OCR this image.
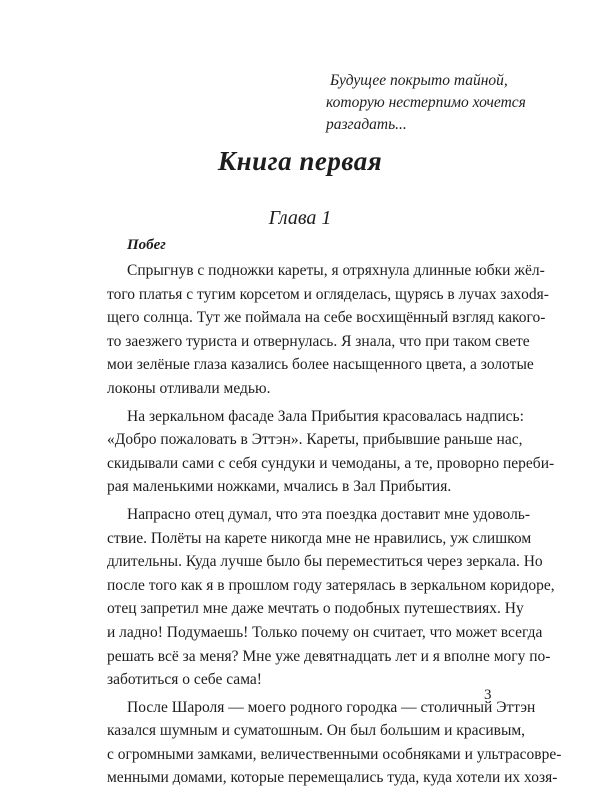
Будущее покрыто тайной,
которую нестерпимо хочется
разгадать...
Книга первая
Глава 1
Побег
Спрыгнув с подножки кареты, я отряхнула длинные юбки жёл-
того платья с тугим корсетом и огляделась, щурясь в лучах захodя-
щего солнца. Тут же поймала на себе восхищённый взгляд какого-
то заезжего туриста и отвернулась. Я знала, что при таком свете
мои зелёные глаза казались более насыщенного цвета, а золотые
локоны отливали медью.
На зеркальном фасаде Зала Прибытия красовалась надпись:
«Добро пожаловать в Эттэн». Кареты, прибывшие раньше нас,
скидывали сами с себя сундуки и чемоданы, а те, проворно переби-
рая маленькими ножками, мчались в Зал Прибытия.
Напрасно отец думал, что эта поездка доставит мне удоволь-
ствие. Полёты на карете никогда мне не нравились, уж слишком
длительны. Куда лучше было бы переместиться через зеркала. Но
после того как я в прошлом году затерялась в зеркальном коридоре,
отец запретил мне даже мечтать о подобных путешествиях. Ну
и ладно! Подумаешь! Только почему он считает, что может всегда
решать всё за меня? Мне уже девятнадцать лет и я вполне могу по-
заботиться о себе сама!
После Шароля — моего родного городка — столичный Эттэн
казался шумным и суматошным. Он был большим и красивым,
с огромными замками, величественными особняками и ультрасовре-
менными домами, которые перемещались туда, куда хотели их хозя-
3
